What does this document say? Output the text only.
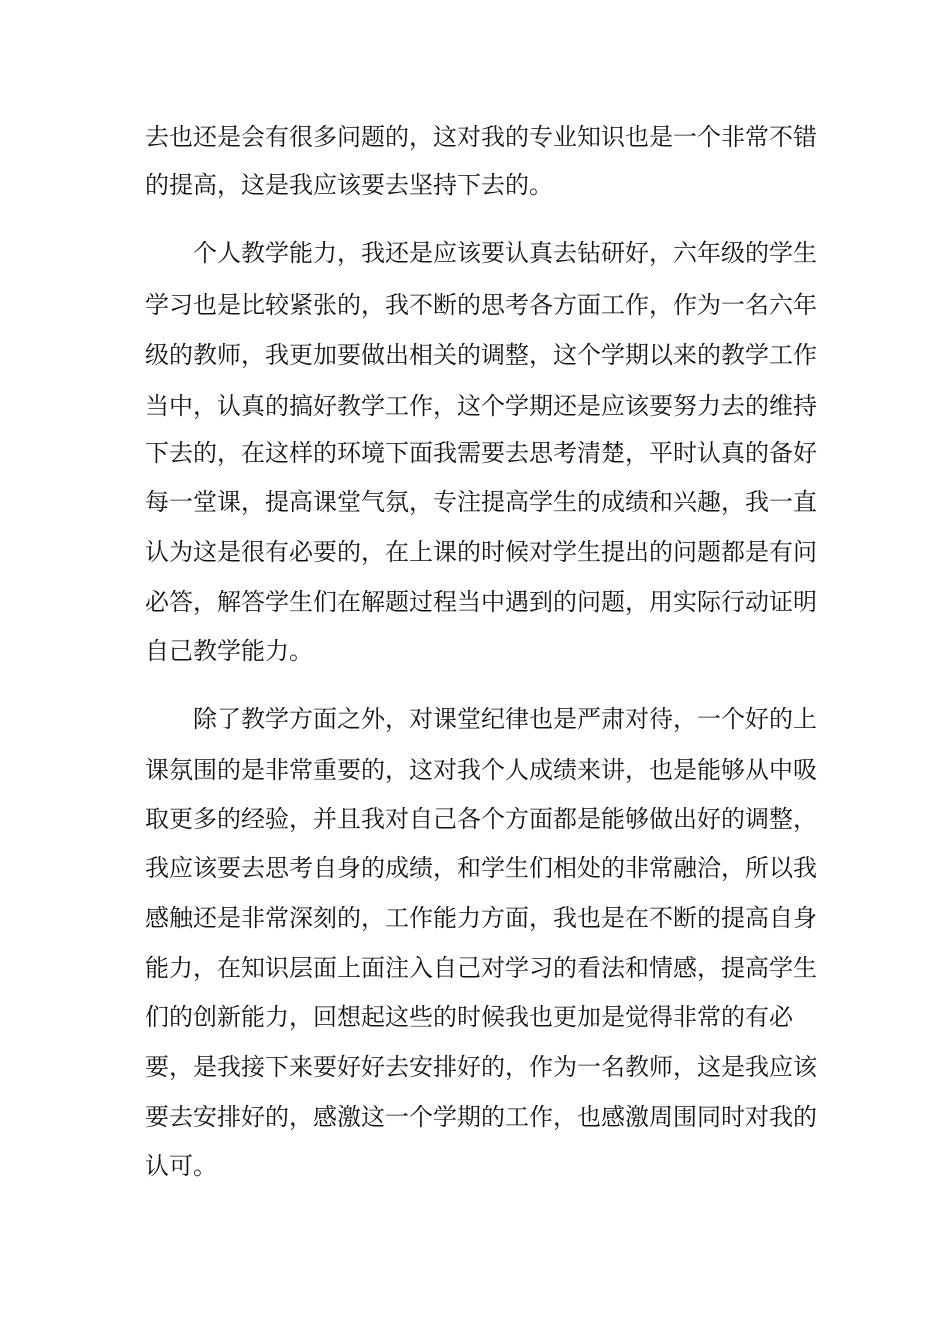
去也还是会有很多问题的，这对我的专业知识也是一个非常不错

的提高，这是我应该要去坚持下去的。

个人教学能力，我还是应该要认真去钻研好，六年级的学生

学习也是比较紧张的，我不断的思考各方面工作，作为一名六年

级的教师，我更加要做出相关的调整，这个学期以来的教学工作

当中，认真的搞好教学工作，这个学期还是应该要努力去的维持

下去的，在这样的环境下面我需要去思考清楚，平时认真的备好

每一堂课，提高课堂气氛，专注提高学生的成绩和兴趣，我一直

认为这是很有必要的，在上课的时候对学生提出的问题都是有问

必答，解答学生们在解题过程当中遇到的问题，用实际行动证明

自己教学能力。

除了教学方面之外，对课堂纪律也是严肃对待，一个好的上

课氛围的是非常重要的，这对我个人成绩来讲，也是能够从中吸

取更多的经验，并且我对自己各个方面都是能够做出好的调整，

我应该要去思考自身的成绩，和学生们相处的非常融洽，所以我

感触还是非常深刻的，工作能力方面，我也是在不断的提高自身

能力，在知识层面上面注入自己对学习的看法和情感，提高学生

们的创新能力，回想起这些的时候我也更加是觉得非常的有必

要，是我接下来要好好去安排好的，作为一名教师，这是我应该

要去安排好的，感激这一个学期的工作，也感激周围同时对我的

认可。
